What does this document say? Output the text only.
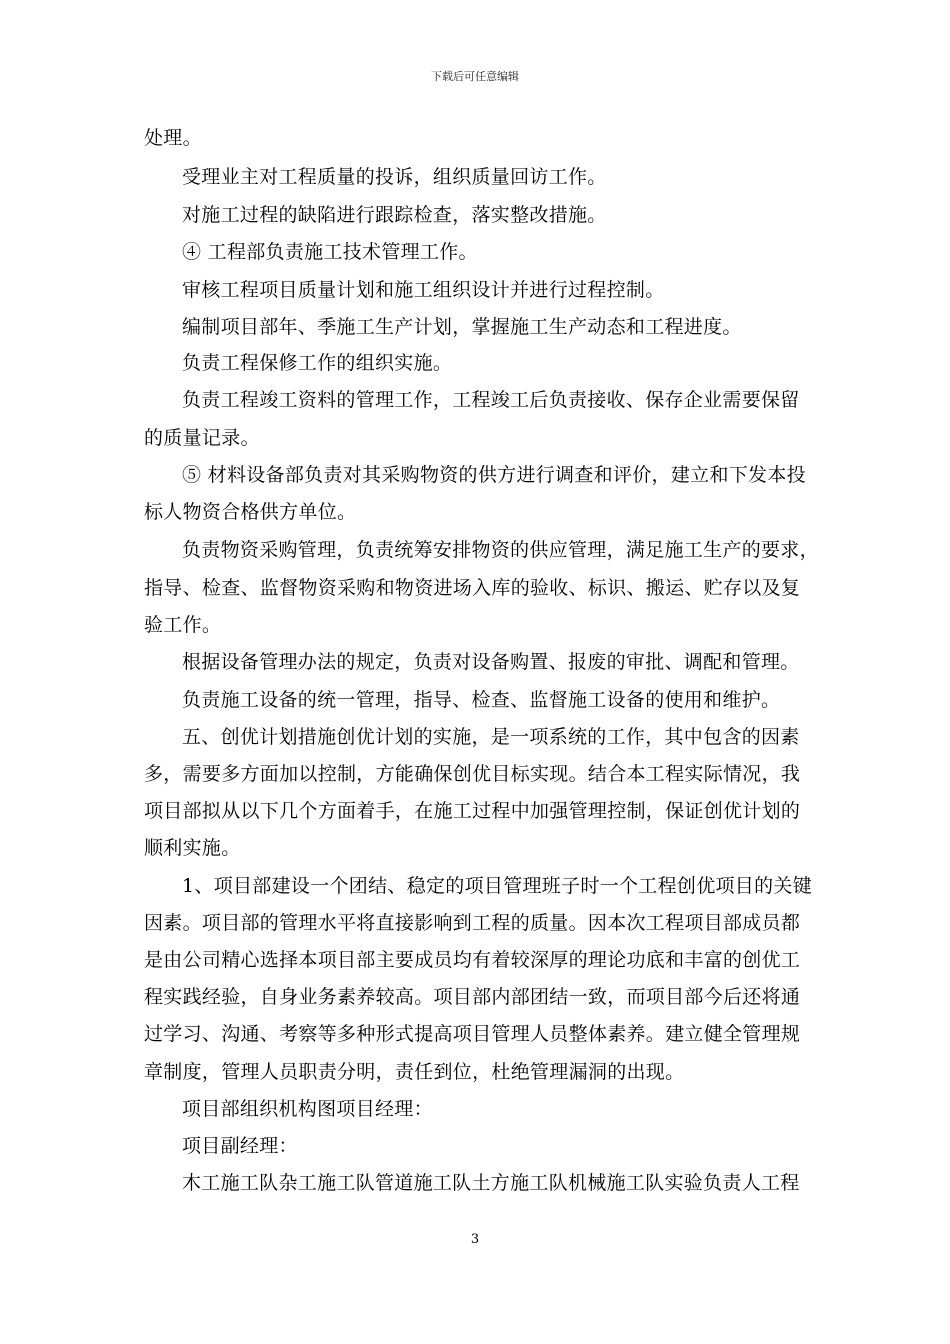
下载后可任意编辑
处理。
受理业主对工程质量的投诉，组织质量回访工作。
对施工过程的缺陷进行跟踪检查，落实整改措施。
④ 工程部负责施工技术管理工作。
审核工程项目质量计划和施工组织设计并进行过程控制。
编制项目部年、季施工生产计划，掌握施工生产动态和工程进度。
负责工程保修工作的组织实施。
负责工程竣工资料的管理工作，工程竣工后负责接收、保存企业需要保留
的质量记录。
⑤ 材料设备部负责对其采购物资的供方进行调查和评价，建立和下发本投
标人物资合格供方单位。
负责物资采购管理，负责统筹安排物资的供应管理，满足施工生产的要求，
指导、检查、监督物资采购和物资进场入库的验收、标识、搬运、贮存以及复
验工作。
根据设备管理办法的规定，负责对设备购置、报废的审批、调配和管理。
负责施工设备的统一管理，指导、检查、监督施工设备的使用和维护。
五、创优计划措施创优计划的实施，是一项系统的工作，其中包含的因素
多，需要多方面加以控制，方能确保创优目标实现。结合本工程实际情况，我
项目部拟从以下几个方面着手，在施工过程中加强管理控制，保证创优计划的
顺利实施。
1、项目部建设一个团结、稳定的项目管理班子时一个工程创优项目的关键
因素。项目部的管理水平将直接影响到工程的质量。因本次工程项目部成员都
是由公司精心选择本项目部主要成员均有着较深厚的理论功底和丰富的创优工
程实践经验，自身业务素养较高。项目部内部团结一致，而项目部今后还将通
过学习、沟通、考察等多种形式提高项目管理人员整体素养。建立健全管理规
章制度，管理人员职责分明，责任到位，杜绝管理漏洞的出现。
项目部组织机构图项目经理：
项目副经理：
木工施工队杂工施工队管道施工队土方施工队机械施工队实验负责人工程
3
